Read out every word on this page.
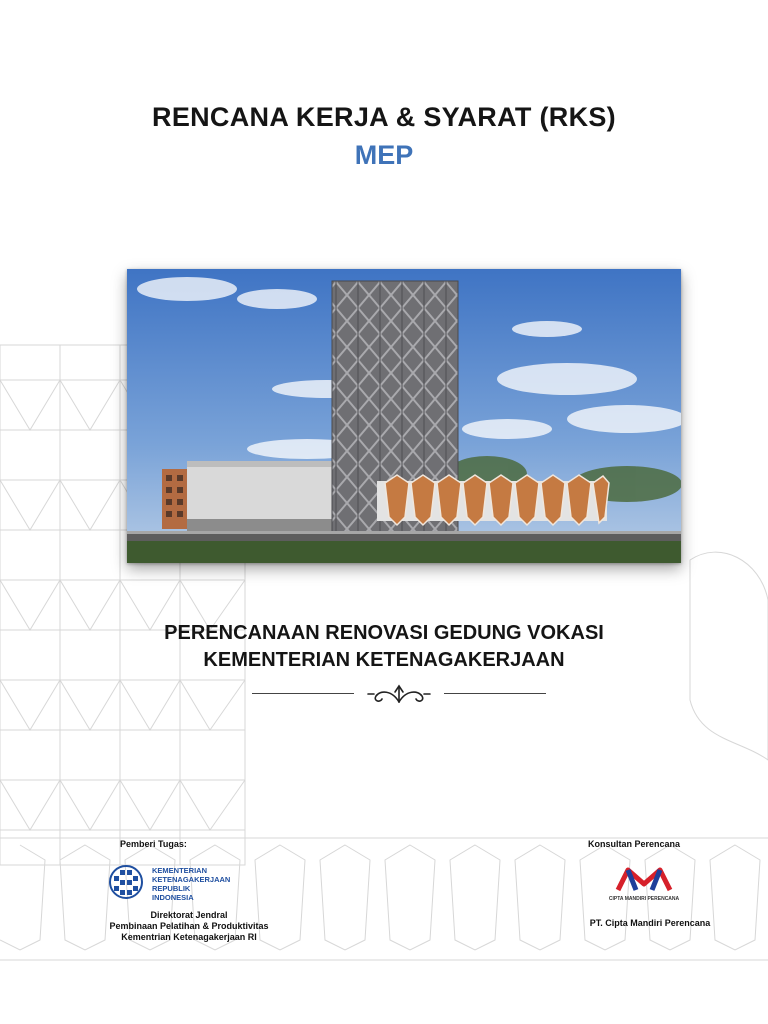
RENCANA KERJA & SYARAT (RKS)
MEP
PERENCANAAN RENOVASI GEDUNG VOKASI
KEMENTERIAN KETENAGAKERJAAN
Pemberi Tugas:
KEMENTERIAN KETENAGAKERJAAN REPUBLIK INDONESIA
Direktorat Jendral
Pembinaan Pelatihan & Produktivitas
Kementrian Ketenagakerjaan RI
Konsultan Perencana
CIPTA MANDIRI PERENCANA
PT. Cipta Mandiri Perencana
